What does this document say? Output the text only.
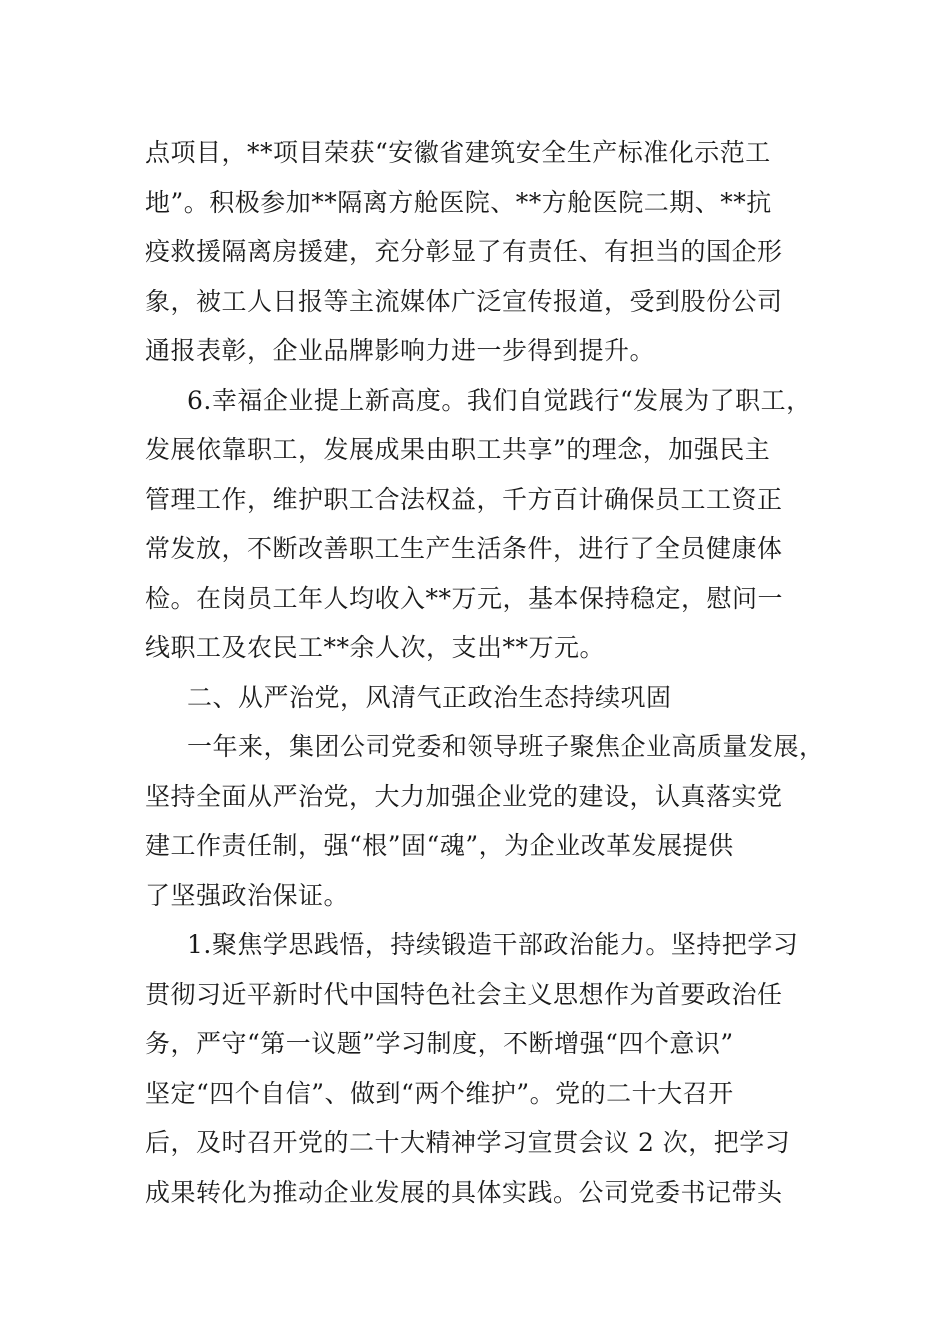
点项目，**项目荣获“安徽省建筑安全生产标准化示范工
地”。积极参加**隔离方舱医院、**方舱医院二期、**抗
疫救援隔离房援建，充分彰显了有责任、有担当的国企形
象，被工人日报等主流媒体广泛宣传报道，受到股份公司
通报表彰，企业品牌影响力进一步得到提升。
6.幸福企业提上新高度。我们自觉践行“发展为了职工，
发展依靠职工，发展成果由职工共享”的理念，加强民主
管理工作，维护职工合法权益，千方百计确保员工工资正
常发放，不断改善职工生产生活条件，进行了全员健康体
检。在岗员工年人均收入**万元，基本保持稳定，慰问一
线职工及农民工**余人次，支出**万元。
二、从严治党，风清气正政治生态持续巩固
一年来，集团公司党委和领导班子聚焦企业高质量发展，
坚持全面从严治党，大力加强企业党的建设，认真落实党
建工作责任制，强“根”固“魂”，为企业改革发展提供
了坚强政治保证。
1.聚焦学思践悟，持续锻造干部政治能力。坚持把学习
贯彻习近平新时代中国特色社会主义思想作为首要政治任
务，严守“第一议题”学习制度，不断增强“四个意识”
坚定“四个自信”、做到“两个维护”。党的二十大召开
后，及时召开党的二十大精神学习宣贯会议 2 次，把学习
成果转化为推动企业发展的具体实践。公司党委书记带头
